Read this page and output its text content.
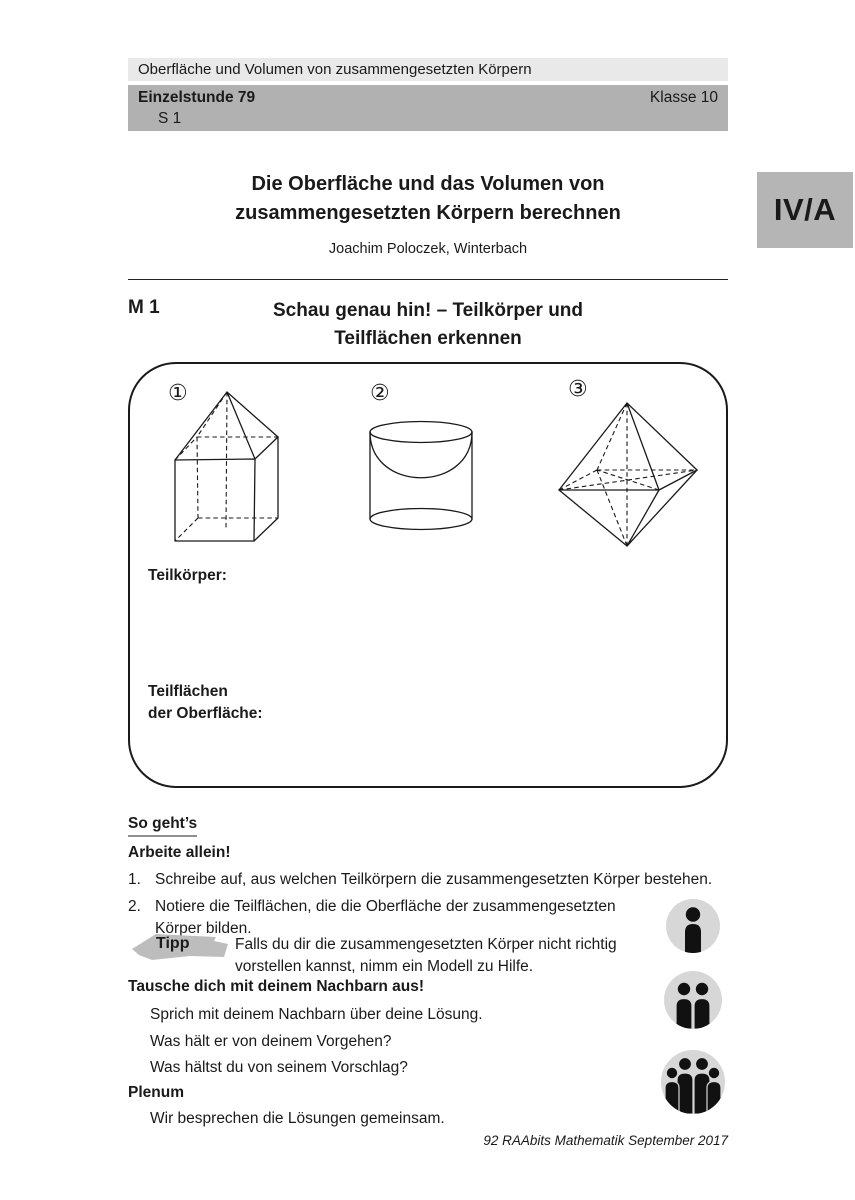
Oberfläche und Volumen von zusammengesetzten Körpern
Einzelstunde 79
S 1
Klasse 10
IV/A
Die Oberfläche und das Volumen von
zusammengesetzten Körpern berechnen
Joachim Poloczek, Winterbach
M 1	Schau genau hin! – Teilkörper und
Teilflächen erkennen
①	②	③
Teilkörper:
Teilflächen
der Oberfläche:
So geht’s
Arbeite allein!
1. Schreibe auf, aus welchen Teilkörpern die zusammengesetzten Körper bestehen.
2. Notiere die Teilflächen, die die Oberfläche der zusammengesetzten
Körper bilden.
Tipp	Falls du dir die zusammengesetzten Körper nicht richtig
vorstellen kannst, nimm ein Modell zu Hilfe.
Tausche dich mit deinem Nachbarn aus!
Sprich mit deinem Nachbarn über deine Lösung.
Was hält er von deinem Vorgehen?
Was hältst du von seinem Vorschlag?
Plenum
Wir besprechen die Lösungen gemeinsam.
92 RAAbits Mathematik September 2017
